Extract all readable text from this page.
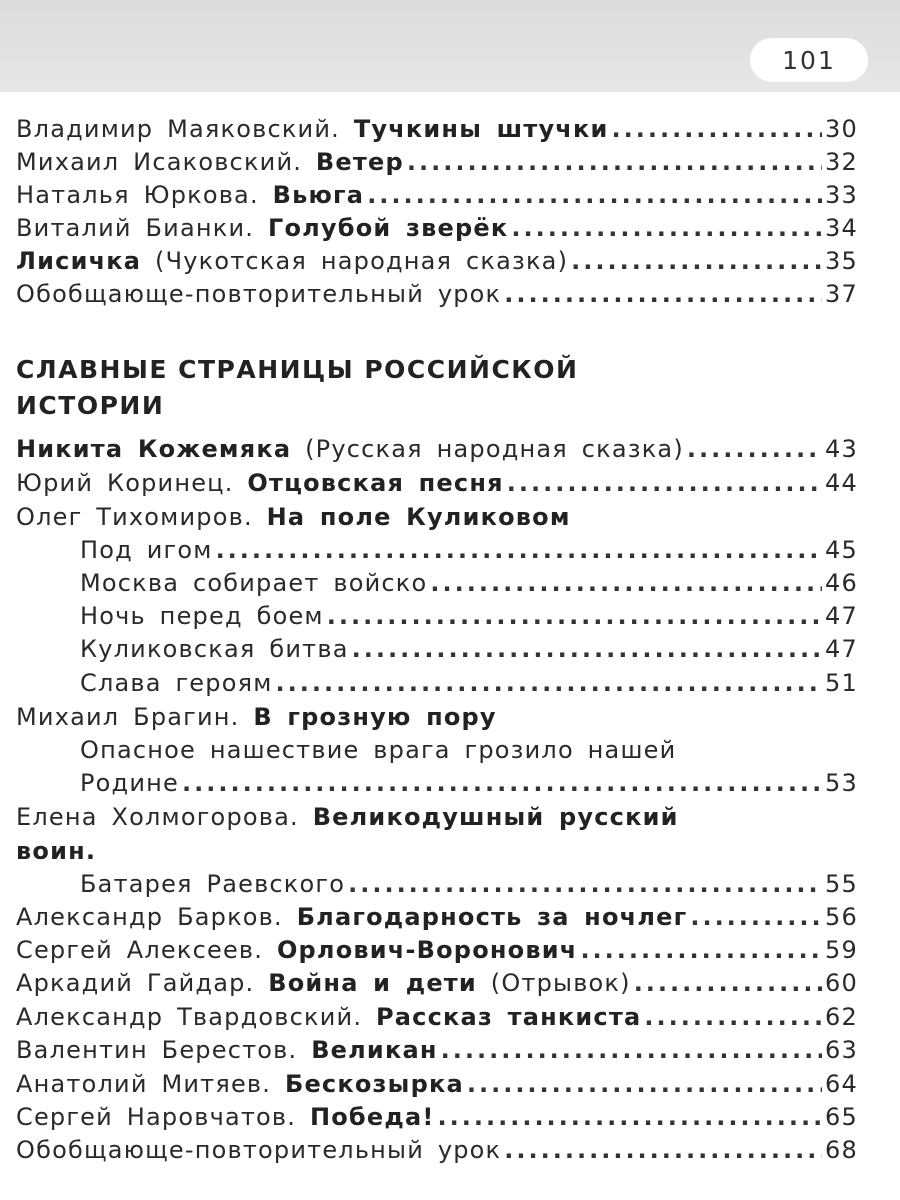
101
Владимир Маяковский. Тучкины штучки .....	30
Михаил Исаковский. Ветер .....	32
Наталья Юркова. Вьюга .....	33
Виталий Бианки. Голубой зверёк .....	34
Лисичка (Чукотская народная сказка) .....	35
Обобщающе-повторительный урок .....	37
СЛАВНЫЕ СТРАНИЦЫ РОССИЙСКОЙ
ИСТОРИИ
Никита Кожемяка (Русская народная сказка) .....	43
Юрий Коринец. Отцовская песня .....	44
Олег Тихомиров. На поле Куликовом
Под игом .....	45
Москва собирает войско .....	46
Ночь перед боем .....	47
Куликовская битва .....	47
Слава героям .....	51
Михаил Брагин. В грозную пору
Опасное нашествие врага грозило нашей
Родине .....	53
Елена Холмогорова. Великодушный русский
воин.
Батарея Раевского .....	55
Александр Барков. Благодарность за ночлег .....	56
Сергей Алексеев. Орлович-Воронович .....	59
Аркадий Гайдар. Война и дети (Отрывок) .....	60
Александр Твардовский. Рассказ танкиста .....	62
Валентин Берестов. Великан .....	63
Анатолий Митяев. Бескозырка .....	64
Сергей Наровчатов. Победа! .....	65
Обобщающе-повторительный урок .....	68
